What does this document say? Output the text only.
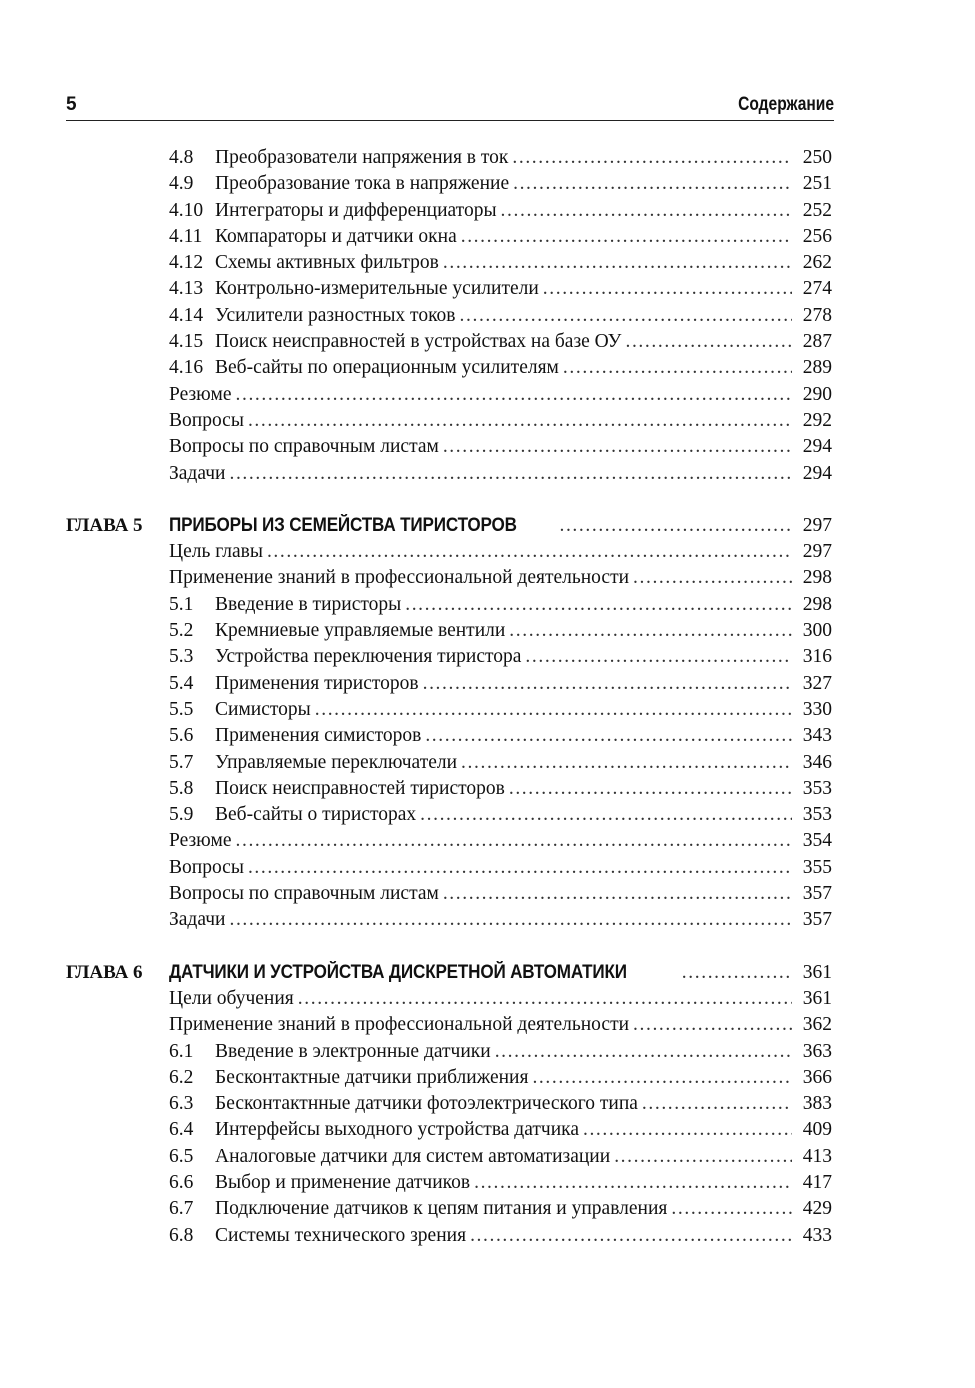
5	Содержание
4.8	Преобразователи напряжения в ток .....	250
4.9	Преобразование тока в напряжение .....	251
4.10 Интеграторы и дифференциаторы .....	252
4.11 Компараторы и датчики окна .....	256
4.12 Схемы активных фильтров .....	262
4.13 Контрольно-измерительные усилители .....	274
4.14 Усилители разностных токов .....	278
4.15 Поиск неисправностей в устройствах на базе ОУ .....	287
4.16 Веб-сайты по операционным усилителям .....	289
Резюме .....	290
Вопросы .....	292
Вопросы по справочным листам .....	294
Задачи .....	294
ГЛАВА 5 ПРИБОРЫ ИЗ СЕМЕЙСТВА ТИРИСТОРОВ .....	297
Цель главы .....	297
Применение знаний в профессиональной деятельности .....	298
5.1	Введение в тиристоры .....	298
5.2	Кремниевые управляемые вентили .....	300
5.3	Устройства переключения тиристора .....	316
5.4	Применения тиристоров .....	327
5.5	Симисторы .....	330
5.6	Применения симисторов .....	343
5.7	Управляемые переключатели .....	346
5.8	Поиск неисправностей тиристоров .....	353
5.9	Веб-сайты о тиристорах .....	353
Резюме .....	354
Вопросы .....	355
Вопросы по справочным листам .....	357
Задачи .....	357
ГЛАВА 6 ДАТЧИКИ И УСТРОЙСТВА ДИСКРЕТНОЙ АВТОМАТИКИ .....	361
Цели обучения .....	361
Применение знаний в профессиональной деятельности .....	362
6.1	Введение в электронные датчики .....	363
6.2	Бесконтактные датчики приближения .....	366
6.3	Бесконтактнные датчики фотоэлектрического типа .....	383
6.4	Интерфейсы выходного устройства датчика .....	409
6.5	Аналоговые датчики для систем автоматизации .....	413
6.6	Выбор и применение датчиков .....	417
6.7	Подключение датчиков к цепям питания и управления .....	429
6.8	Системы технического зрения .....	433
